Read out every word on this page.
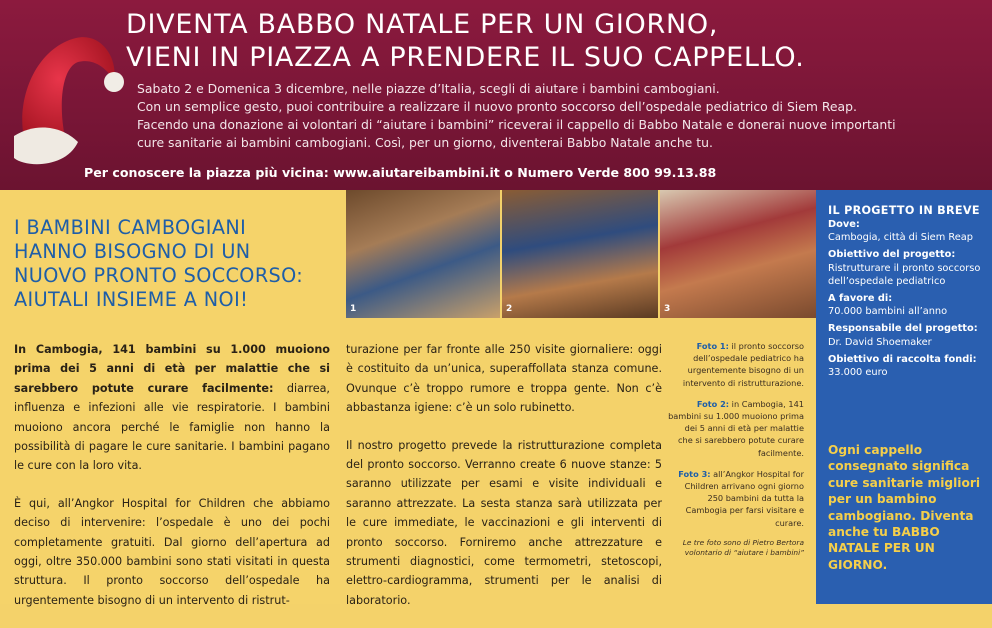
DIVENTA BABBO NATALE PER UN GIORNO,
VIENI IN PIAZZA A PRENDERE IL SUO CAPPELLO.

Sabato 2 e Domenica 3 dicembre, nelle piazze d’Italia, scegli di aiutare i bambini cambogiani.

Con un semplice gesto, puoi contribuire a realizzare il nuovo pronto soccorso dell’ospedale pediatrico di Siem Reap.

Facendo una donazione ai volontari di “aiutare i bambini” riceverai il cappello di Babbo Natale e donerai nuove importanti

cure sanitarie ai bambini cambogiani. Così, per un giorno, diventerai Babbo Natale anche tu.

Per conoscere la piazza più vicina: www.aiutareibambini.it o Numero Verde 800 99.13.88

I BAMBINI CAMBOGIANI
HANNO BISOGNO DI UN
NUOVO PRONTO SOCCORSO:
AIUTALI INSIEME A NOI!

In Cambogia, 141 bambini su 1.000 muoiono prima dei 5 anni di età per malattie che si sarebbero potute curare facilmente: diarrea, influenza e infezioni alle vie respiratorie. I bambini muoiono ancora perché le famiglie non hanno la possibilità di pagare le cure sanitarie. I bambini pagano le cure con la loro vita.

È qui, all’Angkor Hospital for Children che abbiamo deciso di intervenire: l’ospedale è uno dei pochi completamente gratuiti. Dal giorno dell’apertura ad oggi, oltre 350.000 bambini sono stati visitati in questa struttura. Il pronto soccorso dell’ospedale ha urgentemente bisogno di un intervento di ristrut-

1	2	3

turazione per far fronte alle 250 visite giornaliere: oggi è costituito da un’unica, superaffollata stanza comune. Ovunque c’è troppo rumore e troppa gente. Non c’è abbastanza igiene: c’è un solo rubinetto.

Il nostro progetto prevede la ristrutturazione completa del pronto soccorso. Verranno create 6 nuove stanze: 5 saranno utilizzate per esami e visite individuali e saranno attrezzate. La sesta stanza sarà utilizzata per le cure immediate, le vaccinazioni e gli interventi di pronto soccorso. Forniremo anche attrezzature e strumenti diagnostici, come termometri, stetoscopi, elettro-cardiogramma, strumenti per le analisi di laboratorio.

Foto 1: il pronto soccorso dell’ospedale pediatrico ha urgentemente bisogno di un intervento di ristrutturazione.

Foto 2: in Cambogia, 141 bambini su 1.000 muoiono prima dei 5 anni di età per malattie che si sarebbero potute curare facilmente.

Foto 3: all’Angkor Hospital for Children arrivano ogni giorno 250 bambini da tutta la Cambogia per farsi visitare e curare.

Le tre foto sono di Pietro Bertora volontario di “aiutare i bambini”

IL PROGETTO IN BREVE

Dove:
Cambogia, città di Siem Reap
Obiettivo del progetto:
Ristrutturare il pronto soccorso dell’ospedale pediatrico
A favore di:
70.000 bambini all’anno
Responsabile del progetto:
Dr. David Shoemaker
Obiettivo di raccolta fondi:
33.000 euro

Ogni cappello consegnato significa cure sanitarie migliori per un bambino cambogiano. Diventa anche tu BABBO NATALE PER UN GIORNO.
